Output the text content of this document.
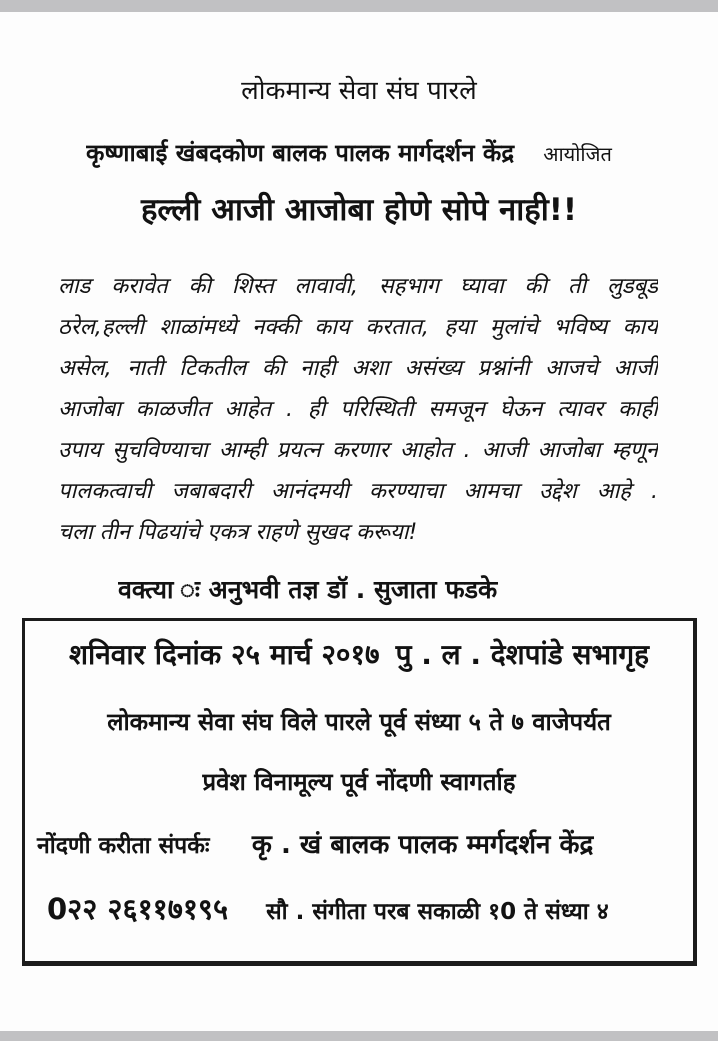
लोकमान्य सेवा संघ पारले
कृष्णाबाई खंबदकोण बालक पालक मार्गदर्शन केंद्र आयोजित
हल्ली आजी आजोबा होणे सोपे नाही!!
लाड करावेत की शिस्त लावावी, सहभाग घ्यावा की ती लुडबूड
ठरेल,हल्ली शाळांमध्ये नक्की काय करतात, हया मुलांचे भविष्य काय
असेल, नाती टिकतील की नाही अशा असंख्य प्रश्नांनी आजचे आजी
आजोबा काळजीत आहेत . ही परिस्थिती समजून घेऊन त्यावर काही
उपाय सुचविण्याचा आम्ही प्रयत्न करणार आहोत . आजी आजोबा म्हणून
पालकत्वाची जबाबदारी आनंदमयी करण्याचा आमचा उद्देश आहे .
चला तीन पिढयांचे एकत्र राहणे सुखद करूया!
वक्त्या ः अनुभवी तज्ञ डॉ . सुजाता फडके
शनिवार दिनांक २५ मार्च २०१७ पु . ल . देशपांडे सभागृह
लोकमान्य सेवा संघ विले पारले पूर्व संध्या ५ ते ७ वाजेपर्यत
प्रवेश विनामूल्य पूर्व नोंदणी स्वागर्ताह
नोंदणी करीता संपर्कः कृ . खं बालक पालक म्मर्गदर्शन केंद्र
0२२ २६११७१९५ सौ . संगीता परब सकाळी १0 ते संध्या ४
